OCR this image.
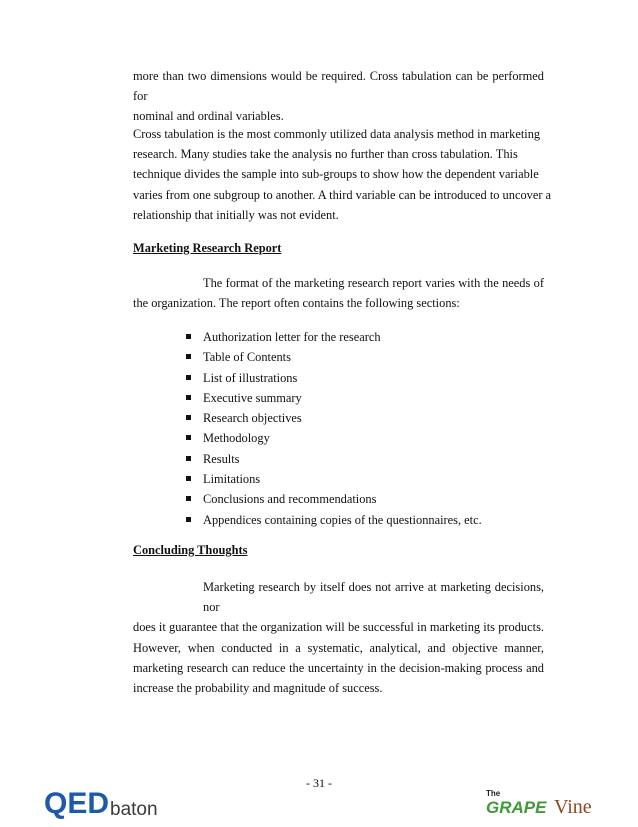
more than two dimensions would be required. Cross tabulation can be performed for
nominal and ordinal variables.
Cross tabulation is the most commonly utilized data analysis method in marketing
research. Many studies take the analysis no further than cross tabulation. This
technique divides the sample into sub-groups to show how the dependent variable
varies from one subgroup to another. A third variable can be introduced to uncover a
relationship that initially was not evident.
Marketing Research Report
The format of the marketing research report varies with the needs of
the organization. The report often contains the following sections:
Authorization letter for the research
Table of Contents
List of illustrations
Executive summary
Research objectives
Methodology
Results
Limitations
Conclusions and recommendations
Appendices containing copies of the questionnaires, etc.
Concluding Thoughts
Marketing research by itself does not arrive at marketing decisions, nor
does it guarantee that the organization will be successful in marketing its products.
However, when conducted in a systematic, analytical, and objective manner,
marketing research can reduce the uncertainty in the decision-making process and
increase the probability and magnitude of success.
- 31 -
QED baton
The
GRAPE Vine
